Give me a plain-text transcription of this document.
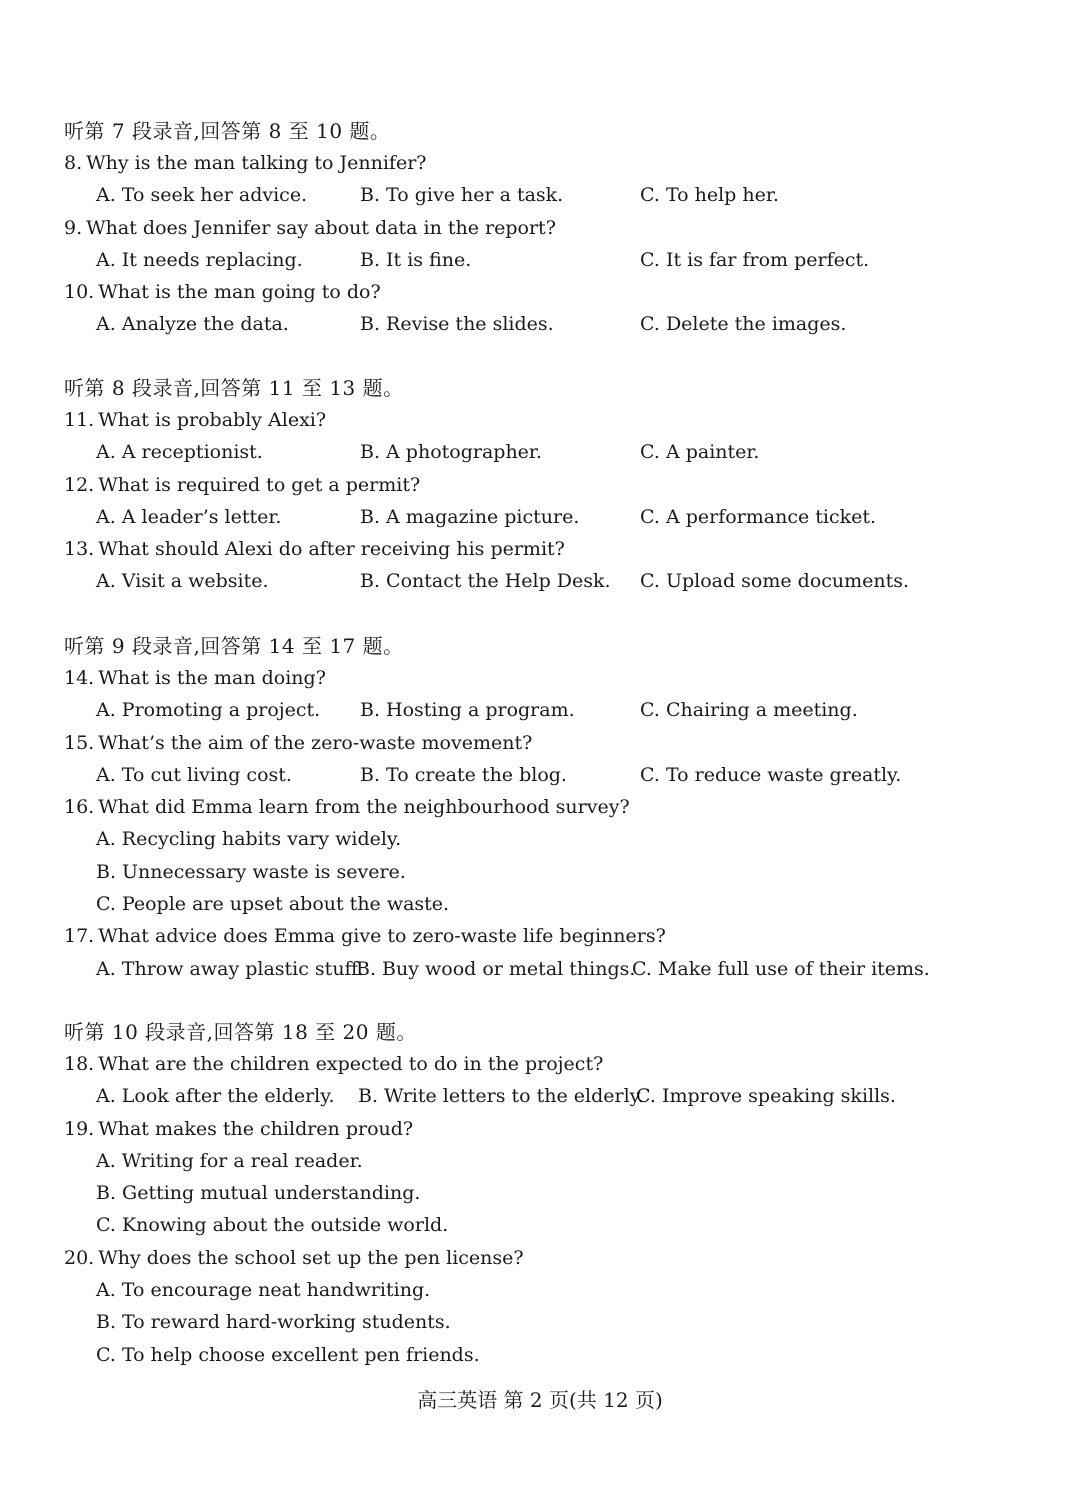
听第 7 段录音,回答第 8 至 10 题。
8. Why is the man talking to Jennifer?
A. To seek her advice.	B. To give her a task.	C. To help her.
9. What does Jennifer say about data in the report?
A. It needs replacing.	B. It is fine.	C. It is far from perfect.
10. What is the man going to do?
A. Analyze the data.	B. Revise the slides.	C. Delete the images.
听第 8 段录音,回答第 11 至 13 题。
11. What is probably Alexi?
A. A receptionist.	B. A photographer.	C. A painter.
12. What is required to get a permit?
A. A leader’s letter.	B. A magazine picture.	C. A performance ticket.
13. What should Alexi do after receiving his permit?
A. Visit a website.	B. Contact the Help Desk. C. Upload some documents.
听第 9 段录音,回答第 14 至 17 题。
14. What is the man doing?
A. Promoting a project. B. Hosting a program.	C. Chairing a meeting.
15. What’s the aim of the zero-waste movement?
A. To cut living cost.	B. To create the blog.	C. To reduce waste greatly.
16. What did Emma learn from the neighbourhood survey?
A. Recycling habits vary widely.
B. Unnecessary waste is severe.
C. People are upset about the waste.
17. What advice does Emma give to zero-waste life beginners?
A. Throw away plastic stuff.
B. Buy wood or metal things.
C. Make full use of their items.
听第 10 段录音,回答第 18 至 20 题。
18. What are the children expected to do in the project?
A. Look after the elderly. B. Write letters to the elderly.
C. Improve speaking skills.
19. What makes the children proud?
A. Writing for a real reader.
B. Getting mutual understanding.
C. Knowing about the outside world.
20. Why does the school set up the pen license?
A. To encourage neat handwriting.
B. To reward hard-working students.
C. To help choose excellent pen friends.
高三英语 第 2 页(共 12 页)
